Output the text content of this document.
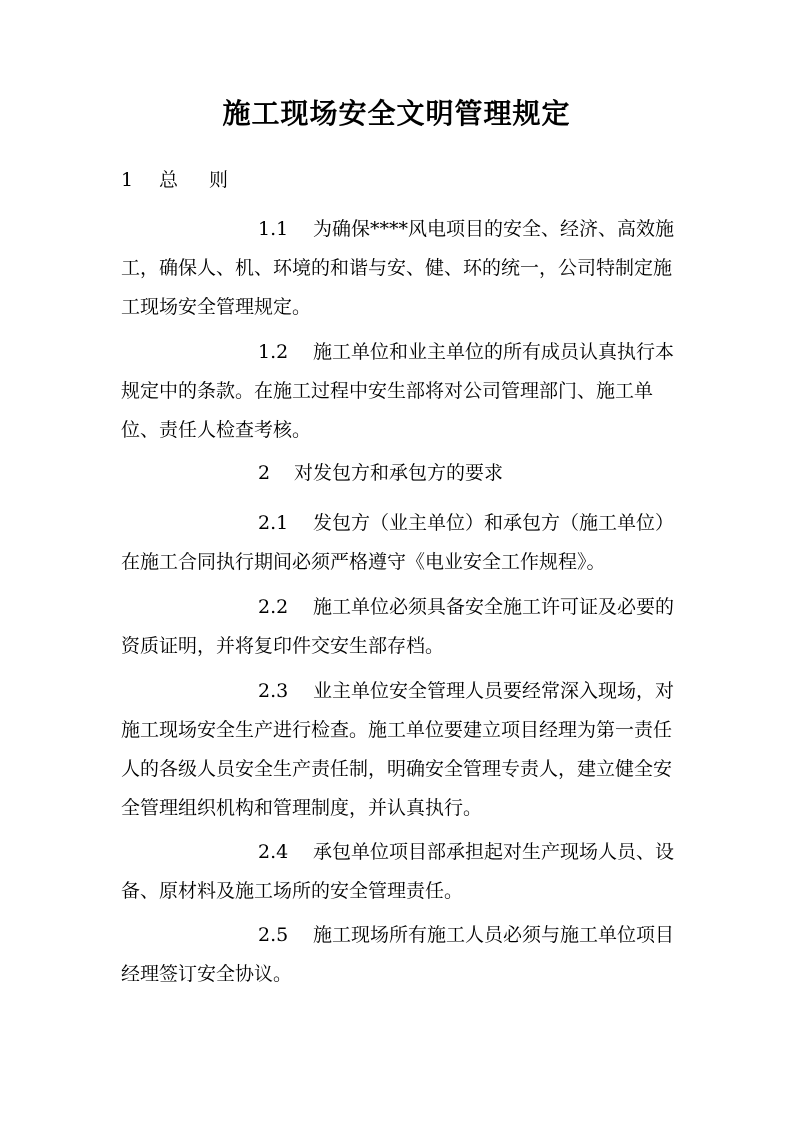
施工现场安全文明管理规定
1 总　则
1.1 为确保****风电项目的安全、经济、高效施工，确保人、机、环境的和谐与安、健、环的统一，公司特制定施工现场安全管理规定。
1.2 施工单位和业主单位的所有成员认真执行本规定中的条款。在施工过程中安生部将对公司管理部门、施工单位、责任人检查考核。
2 对发包方和承包方的要求
2.1 发包方（业主单位）和承包方（施工单位）在施工合同执行期间必须严格遵守《电业安全工作规程》。
2.2 施工单位必须具备安全施工许可证及必要的资质证明，并将复印件交安生部存档。
2.3 业主单位安全管理人员要经常深入现场，对施工现场安全生产进行检查。施工单位要建立项目经理为第一责任人的各级人员安全生产责任制，明确安全管理专责人，建立健全安全管理组织机构和管理制度，并认真执行。
2.4 承包单位项目部承担起对生产现场人员、设备、原材料及施工场所的安全管理责任。
2.5 施工现场所有施工人员必须与施工单位项目经理签订安全协议。
